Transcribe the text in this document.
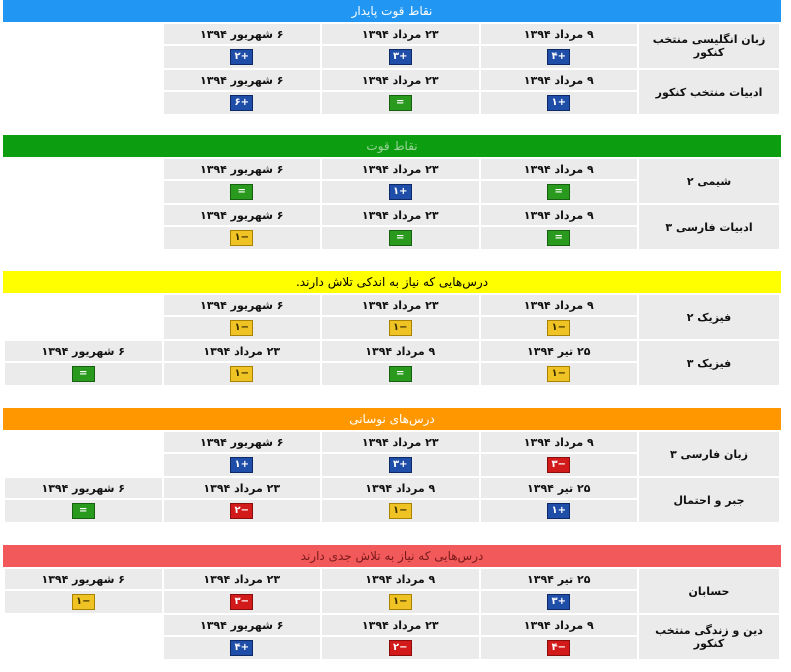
نقاط قوت پایدار
زبان انگلیسی منتخب کنکور	۹ مرداد ۱۳۹۴	۲۳ مرداد ۱۳۹۴	۶ شهریور ۱۳۹۴	
	+۴	+۳	+۲	
ادبیات منتخب کنکور	۹ مرداد ۱۳۹۴	۲۳ مرداد ۱۳۹۴	۶ شهریور ۱۳۹۴	
	+۱	=	+۶	
نقاط قوت
شیمی ۲	۹ مرداد ۱۳۹۴	۲۳ مرداد ۱۳۹۴	۶ شهریور ۱۳۹۴	
	=	+۱	=	
ادبیات فارسی ۳	۹ مرداد ۱۳۹۴	۲۳ مرداد ۱۳۹۴	۶ شهریور ۱۳۹۴	
	=	=	−۱	
درس‌هایی که نیاز به اندکی تلاش دارند.
فیزیک ۲	۹ مرداد ۱۳۹۴	۲۳ مرداد ۱۳۹۴	۶ شهریور ۱۳۹۴	
	−۱	−۱	−۱	
فیزیک ۳	۲۵ تیر ۱۳۹۴	۹ مرداد ۱۳۹۴	۲۳ مرداد ۱۳۹۴	۶ شهریور ۱۳۹۴
	−۱	=	−۱	=
درس‌های نوسانی
زبان فارسی ۳	۹ مرداد ۱۳۹۴	۲۳ مرداد ۱۳۹۴	۶ شهریور ۱۳۹۴	
	−۳	+۳	+۱	
جبر و احتمال	۲۵ تیر ۱۳۹۴	۹ مرداد ۱۳۹۴	۲۳ مرداد ۱۳۹۴	۶ شهریور ۱۳۹۴
	+۱	−۱	−۲	=
درس‌هایی که نیاز به تلاش جدی دارند
حسابان	۲۵ تیر ۱۳۹۴	۹ مرداد ۱۳۹۴	۲۳ مرداد ۱۳۹۴	۶ شهریور ۱۳۹۴
	+۳	−۱	−۳	−۱
دین و زندگی منتخب کنکور	۹ مرداد ۱۳۹۴	۲۳ مرداد ۱۳۹۴	۶ شهریور ۱۳۹۴	
	−۴	−۲	+۴	
